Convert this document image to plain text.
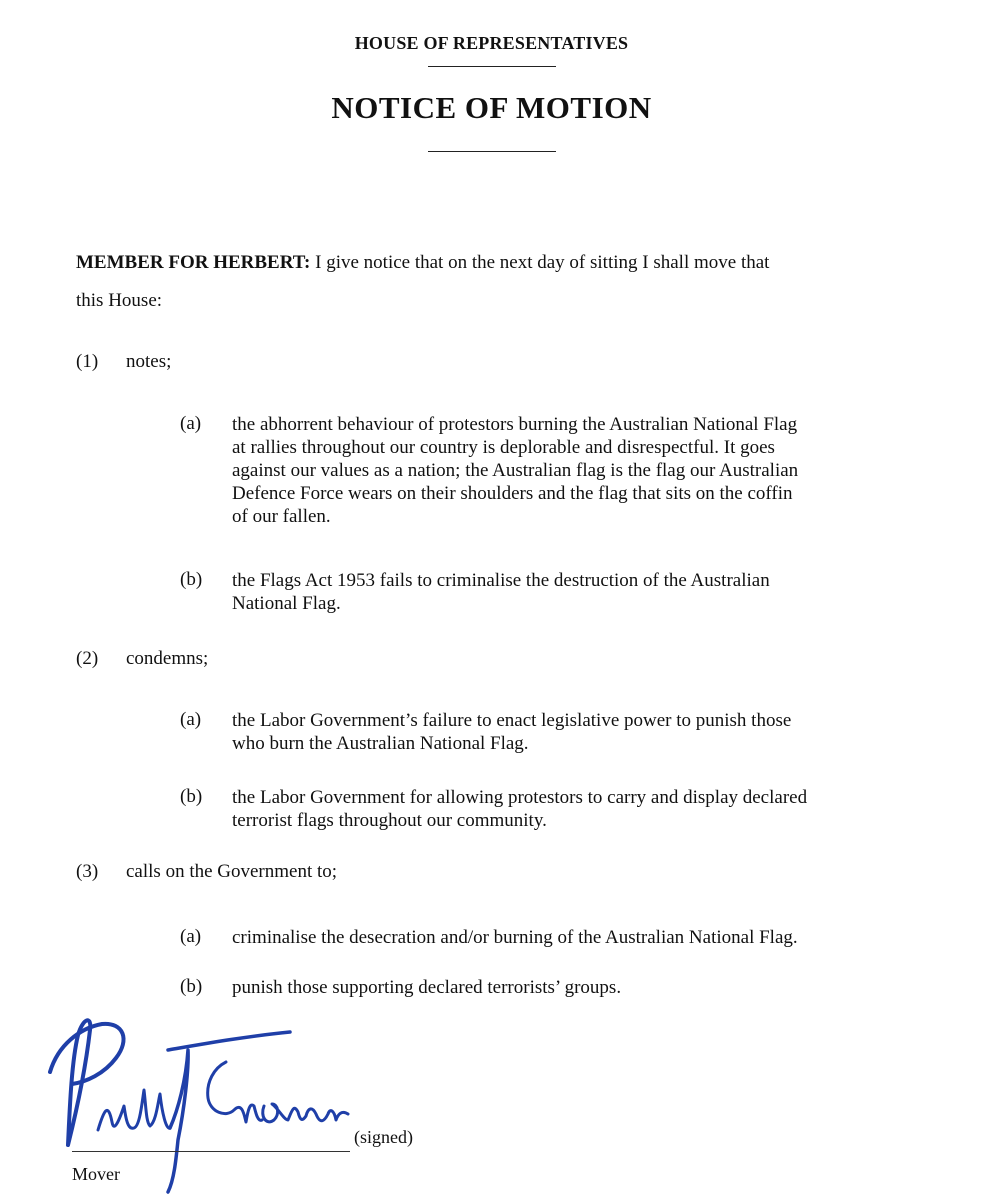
HOUSE OF REPRESENTATIVES
NOTICE OF MOTION
MEMBER FOR HERBERT: I give notice that on the next day of sitting I shall move that
this House:
(1) notes;
(a) the abhorrent behaviour of protestors burning the Australian National Flag
at rallies throughout our country is deplorable and disrespectful. It goes
against our values as a nation; the Australian flag is the flag our Australian
Defence Force wears on their shoulders and the flag that sits on the coffin
of our fallen.
(b) the Flags Act 1953 fails to criminalise the destruction of the Australian
National Flag.
(2) condemns;
(a) the Labor Government’s failure to enact legislative power to punish those
who burn the Australian National Flag.
(b) the Labor Government for allowing protestors to carry and display declared
terrorist flags throughout our community.
(3) calls on the Government to;
(a) criminalise the desecration and/or burning of the Australian National Flag.
(b) punish those supporting declared terrorists’ groups.
(signed)
Mover
